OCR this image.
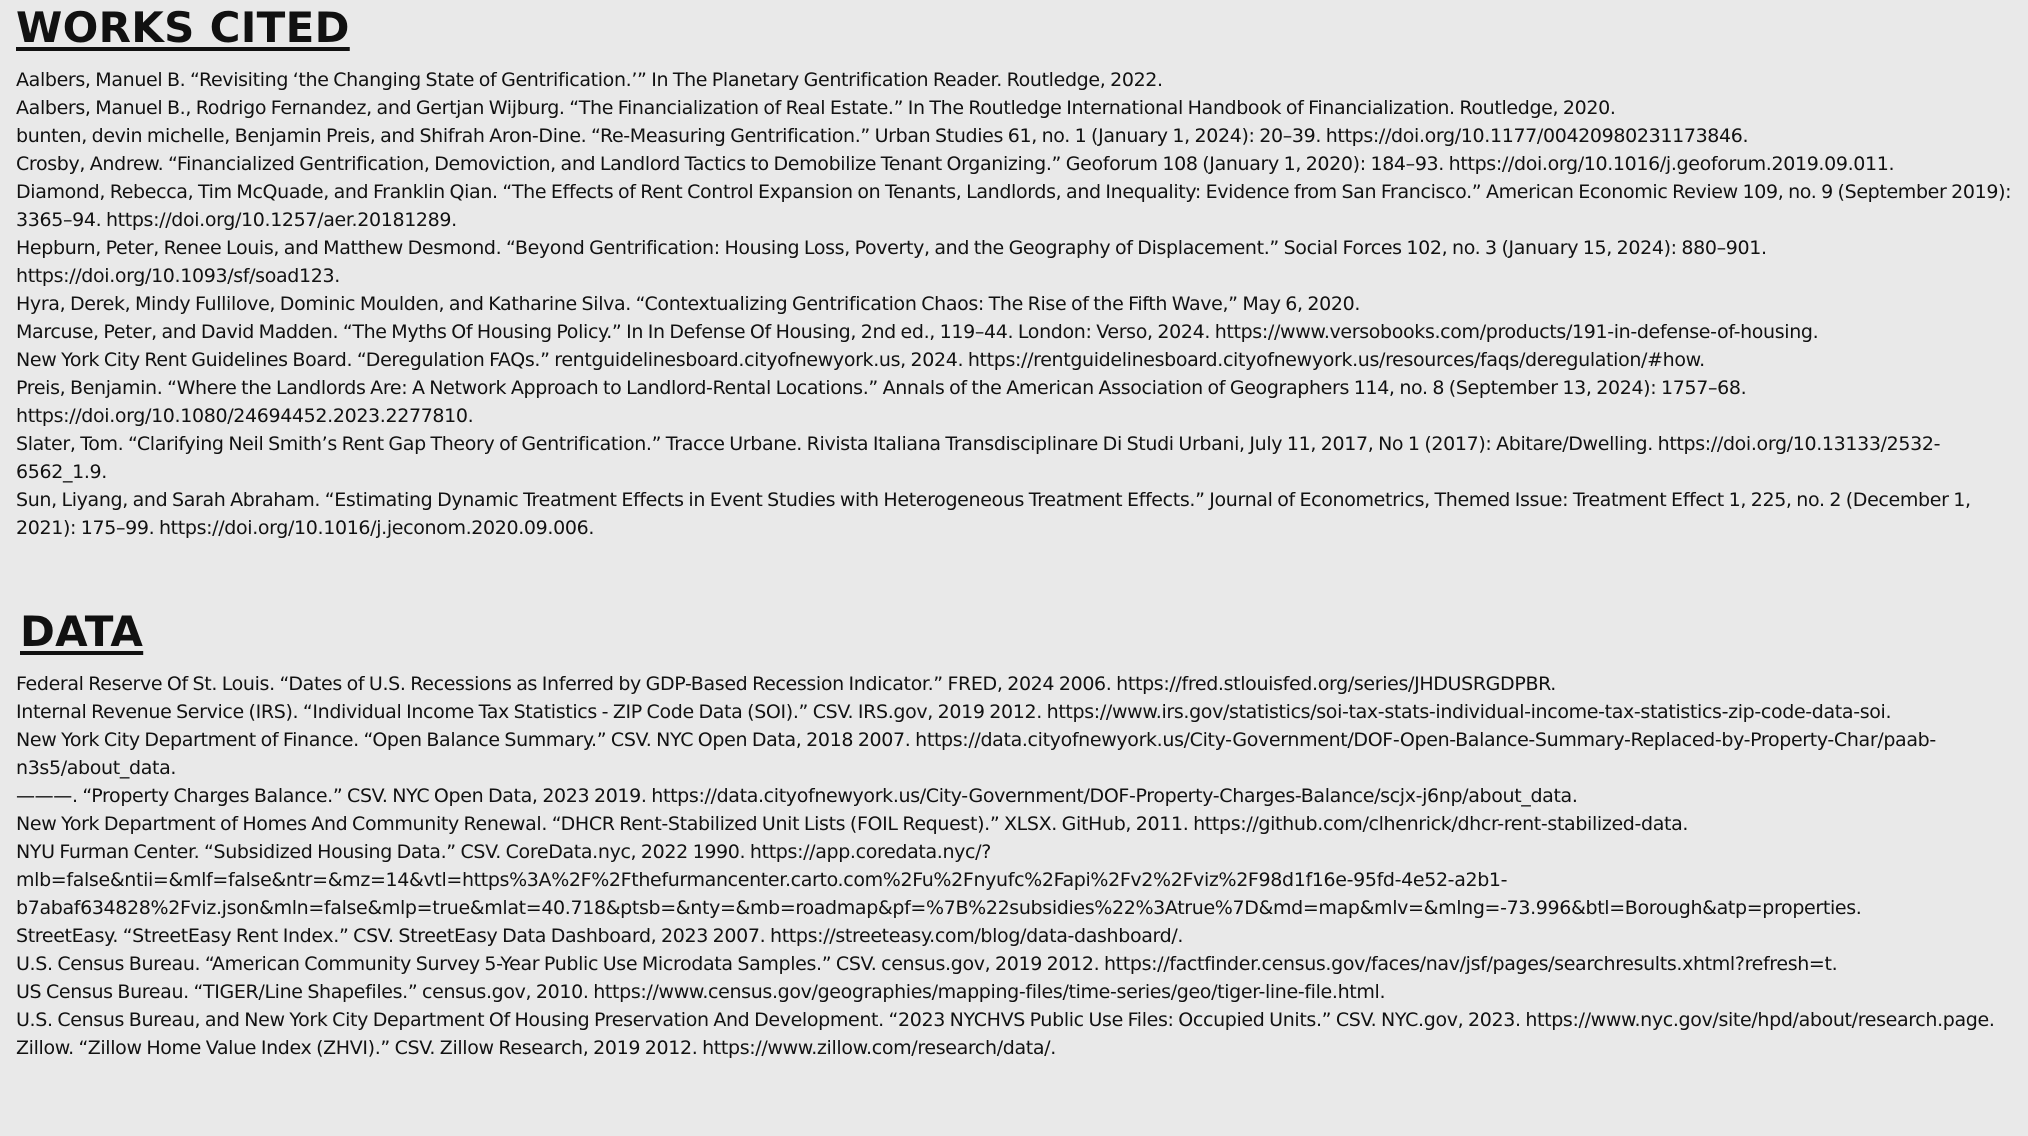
WORKS CITED
Aalbers, Manuel B. “Revisiting ‘the Changing State of Gentrification.’” In The Planetary Gentrification Reader. Routledge, 2022.
Aalbers, Manuel B., Rodrigo Fernandez, and Gertjan Wijburg. “The Financialization of Real Estate.” In The Routledge International Handbook of Financialization. Routledge, 2020.
bunten, devin michelle, Benjamin Preis, and Shifrah Aron-Dine. “Re-Measuring Gentrification.” Urban Studies 61, no. 1 (January 1, 2024): 20–39. https://doi.org/10.1177/00420980231173846.
Crosby, Andrew. “Financialized Gentrification, Demoviction, and Landlord Tactics to Demobilize Tenant Organizing.” Geoforum 108 (January 1, 2020): 184–93. https://doi.org/10.1016/j.geoforum.2019.09.011.
Diamond, Rebecca, Tim McQuade, and Franklin Qian. “The Effects of Rent Control Expansion on Tenants, Landlords, and Inequality: Evidence from San Francisco.” American Economic Review 109, no. 9 (September 2019): 3365–94. https://doi.org/10.1257/aer.20181289.
Hepburn, Peter, Renee Louis, and Matthew Desmond. “Beyond Gentrification: Housing Loss, Poverty, and the Geography of Displacement.” Social Forces 102, no. 3 (January 15, 2024): 880–901. https://doi.org/10.1093/sf/soad123.
Hyra, Derek, Mindy Fullilove, Dominic Moulden, and Katharine Silva. “Contextualizing Gentrification Chaos: The Rise of the Fifth Wave,” May 6, 2020.
Marcuse, Peter, and David Madden. “The Myths Of Housing Policy.” In In Defense Of Housing, 2nd ed., 119–44. London: Verso, 2024. https://www.versobooks.com/products/191-in-defense-of-housing.
New York City Rent Guidelines Board. “Deregulation FAQs.” rentguidelinesboard.cityofnewyork.us, 2024. https://rentguidelinesboard.cityofnewyork.us/resources/faqs/deregulation/#how.
Preis, Benjamin. “Where the Landlords Are: A Network Approach to Landlord-Rental Locations.” Annals of the American Association of Geographers 114, no. 8 (September 13, 2024): 1757–68. https://doi.org/10.1080/24694452.2023.2277810.
Slater, Tom. “Clarifying Neil Smith’s Rent Gap Theory of Gentrification.” Tracce Urbane. Rivista Italiana Transdisciplinare Di Studi Urbani, July 11, 2017, No 1 (2017): Abitare/Dwelling. https://doi.org/10.13133/2532-6562_1.9.
Sun, Liyang, and Sarah Abraham. “Estimating Dynamic Treatment Effects in Event Studies with Heterogeneous Treatment Effects.” Journal of Econometrics, Themed Issue: Treatment Effect 1, 225, no. 2 (December 1, 2021): 175–99. https://doi.org/10.1016/j.jeconom.2020.09.006.
DATA
Federal Reserve Of St. Louis. “Dates of U.S. Recessions as Inferred by GDP-Based Recession Indicator.” FRED, 2024 2006. https://fred.stlouisfed.org/series/JHDUSRGDPBR.
Internal Revenue Service (IRS). “Individual Income Tax Statistics - ZIP Code Data (SOI).” CSV. IRS.gov, 2019 2012. https://www.irs.gov/statistics/soi-tax-stats-individual-income-tax-statistics-zip-code-data-soi.
New York City Department of Finance. “Open Balance Summary.” CSV. NYC Open Data, 2018 2007. https://data.cityofnewyork.us/City-Government/DOF-Open-Balance-Summary-Replaced-by-Property-Char/paab-n3s5/about_data.
———. “Property Charges Balance.” CSV. NYC Open Data, 2023 2019. https://data.cityofnewyork.us/City-Government/DOF-Property-Charges-Balance/scjx-j6np/about_data.
New York Department of Homes And Community Renewal. “DHCR Rent-Stabilized Unit Lists (FOIL Request).” XLSX. GitHub, 2011. https://github.com/clhenrick/dhcr-rent-stabilized-data.
NYU Furman Center. “Subsidized Housing Data.” CSV. CoreData.nyc, 2022 1990. https://app.coredata.nyc/?mlb=false&ntii=&mlf=false&ntr=&mz=14&vtl=https%3A%2F%2Fthefurmancenter.carto.com%2Fu%2Fnyufc%2Fapi%2Fv2%2Fviz%2F98d1f16e-95fd-4e52-a2b1-b7abaf634828%2Fviz.json&mln=false&mlp=true&mlat=40.718&ptsb=&nty=&mb=roadmap&pf=%7B%22subsidies%22%3Atrue%7D&md=map&mlv=&mlng=-73.996&btl=Borough&atp=properties.
StreetEasy. “StreetEasy Rent Index.” CSV. StreetEasy Data Dashboard, 2023 2007. https://streeteasy.com/blog/data-dashboard/.
U.S. Census Bureau. “American Community Survey 5-Year Public Use Microdata Samples.” CSV. census.gov, 2019 2012. https://factfinder.census.gov/faces/nav/jsf/pages/searchresults.xhtml?refresh=t.
US Census Bureau. “TIGER/Line Shapefiles.” census.gov, 2010. https://www.census.gov/geographies/mapping-files/time-series/geo/tiger-line-file.html.
U.S. Census Bureau, and New York City Department Of Housing Preservation And Development. “2023 NYCHVS Public Use Files: Occupied Units.” CSV. NYC.gov, 2023. https://www.nyc.gov/site/hpd/about/research.page.
Zillow. “Zillow Home Value Index (ZHVI).” CSV. Zillow Research, 2019 2012. https://www.zillow.com/research/data/.
